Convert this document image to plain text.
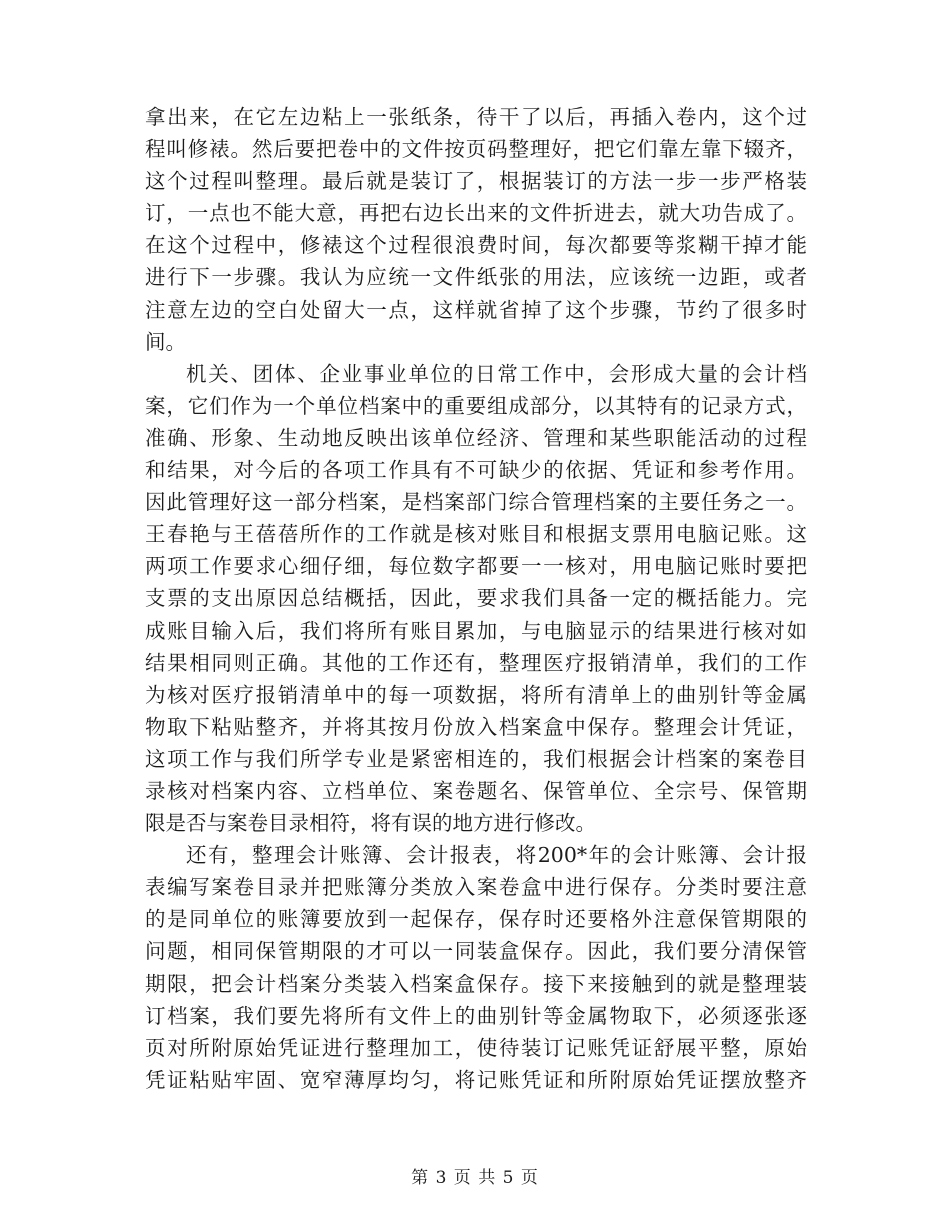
拿出来，在它左边粘上一张纸条，待干了以后，再插入卷内，这个过
程叫修裱。然后要把卷中的文件按页码整理好，把它们靠左靠下辍齐，
这个过程叫整理。最后就是装订了，根据装订的方法一步一步严格装
订，一点也不能大意，再把右边长出来的文件折进去，就大功告成了。
在这个过程中，修裱这个过程很浪费时间，每次都要等浆糊干掉才能
进行下一步骤。我认为应统一文件纸张的用法，应该统一边距，或者
注意左边的空白处留大一点，这样就省掉了这个步骤，节约了很多时
间。
机关、团体、企业事业单位的日常工作中，会形成大量的会计档
案，它们作为一个单位档案中的重要组成部分，以其特有的记录方式，
准确、形象、生动地反映出该单位经济、管理和某些职能活动的过程
和结果，对今后的各项工作具有不可缺少的依据、凭证和参考作用。
因此管理好这一部分档案，是档案部门综合管理档案的主要任务之一。
王春艳与王蓓蓓所作的工作就是核对账目和根据支票用电脑记账。这
两项工作要求心细仔细，每位数字都要一一核对，用电脑记账时要把
支票的支出原因总结概括，因此，要求我们具备一定的概括能力。完
成账目输入后，我们将所有账目累加，与电脑显示的结果进行核对如
结果相同则正确。其他的工作还有，整理医疗报销清单，我们的工作
为核对医疗报销清单中的每一项数据，将所有清单上的曲别针等金属
物取下粘贴整齐，并将其按月份放入档案盒中保存。整理会计凭证，
这项工作与我们所学专业是紧密相连的，我们根据会计档案的案卷目
录核对档案内容、立档单位、案卷题名、保管单位、全宗号、保管期
限是否与案卷目录相符，将有误的地方进行修改。
还有，整理会计账簿、会计报表，将200*年的会计账簿、会计报
表编写案卷目录并把账簿分类放入案卷盒中进行保存。分类时要注意
的是同单位的账簿要放到一起保存，保存时还要格外注意保管期限的
问题，相同保管期限的才可以一同装盒保存。因此，我们要分清保管
期限，把会计档案分类装入档案盒保存。接下来接触到的就是整理装
订档案，我们要先将所有文件上的曲别针等金属物取下，必须逐张逐
页对所附原始凭证进行整理加工，使待装订记账凭证舒展平整，原始
凭证粘贴牢固、宽窄薄厚均匀，将记账凭证和所附原始凭证摆放整齐
第 3 页 共 5 页
